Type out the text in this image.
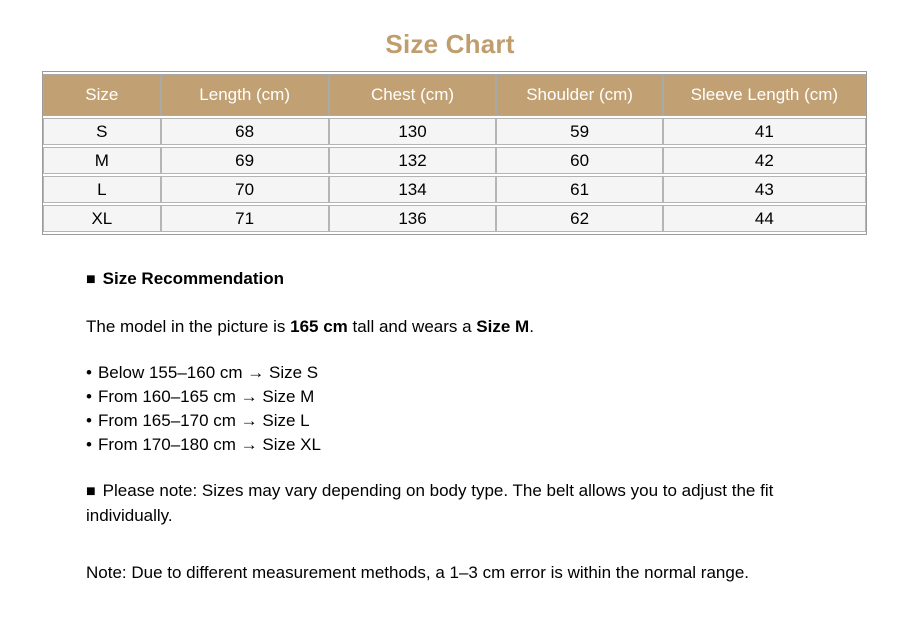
Size Chart
Size	Length (cm)	Chest (cm)	Shoulder (cm)	Sleeve Length (cm)
S	68	130	59	41
M	69	132	60	42
L	70	134	61	43
XL	71	136	62	44

■ Size Recommendation

The model in the picture is 165 cm tall and wears a Size M.

• Below 155–160 cm → Size S
• From 160–165 cm → Size M
• From 165–170 cm → Size L
• From 170–180 cm → Size XL

■ Please note: Sizes may vary depending on body type. The belt allows you to adjust the fit individually.

Note: Due to different measurement methods, a 1–3 cm error is within the normal range.
